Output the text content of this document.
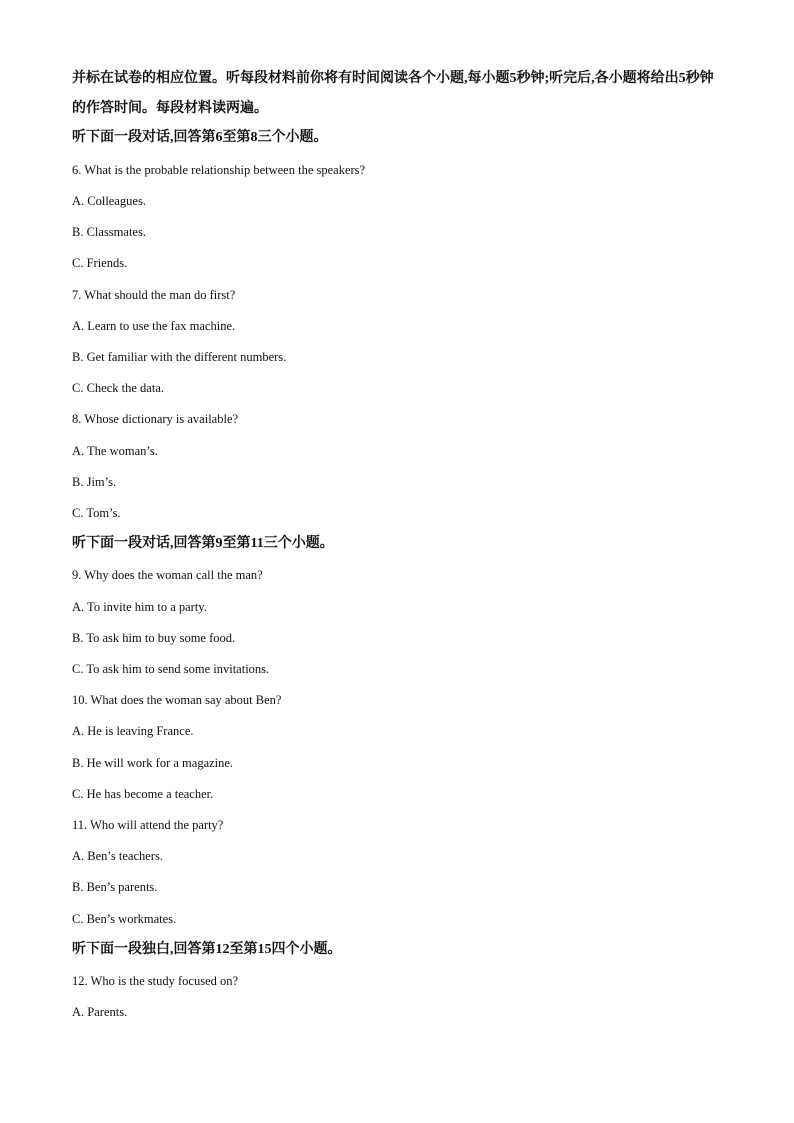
并标在试卷的相应位置。听每段材料前你将有时间阅读各个小题,每小题5秒钟;听完后,各小题将给出5秒钟的作答时间。每段材料读两遍。

听下面一段对话,回答第6至第8三个小题。

6. What is the probable relationship between the speakers?

A. Colleagues.

B. Classmates.

C. Friends.

7. What should the man do first?

A. Learn to use the fax machine.

B. Get familiar with the different numbers.

C. Check the data.

8. Whose dictionary is available?

A. The woman’s.

B. Jim’s.

C. Tom’s.

听下面一段对话,回答第9至第11三个小题。

9. Why does the woman call the man?

A. To invite him to a party.

B. To ask him to buy some food.

C. To ask him to send some invitations.

10. What does the woman say about Ben?

A. He is leaving France.

B. He will work for a magazine.

C. He has become a teacher.

11. Who will attend the party?

A. Ben’s teachers.

B. Ben’s parents.

C. Ben’s workmates.

听下面一段独白,回答第12至第15四个小题。

12. Who is the study focused on?

A. Parents.
